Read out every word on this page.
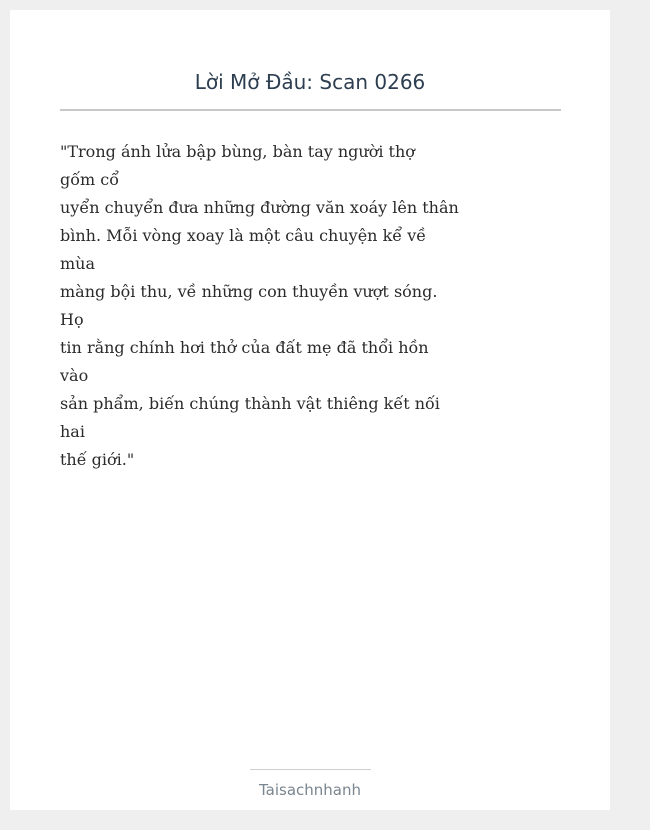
Lời Mở Đầu: Scan 0266
"Trong ánh lửa bập bùng, bàn tay người thợ
gốm cổ
uyển chuyển đưa những đường văn xoáy lên thân
bình. Mỗi vòng xoay là một câu chuyện kể về
mùa
màng bội thu, về những con thuyền vượt sóng.
Họ
tin rằng chính hơi thở của đất mẹ đã thổi hồn
vào
sản phẩm, biến chúng thành vật thiêng kết nối
hai
thế giới."
Taisachnhanh
